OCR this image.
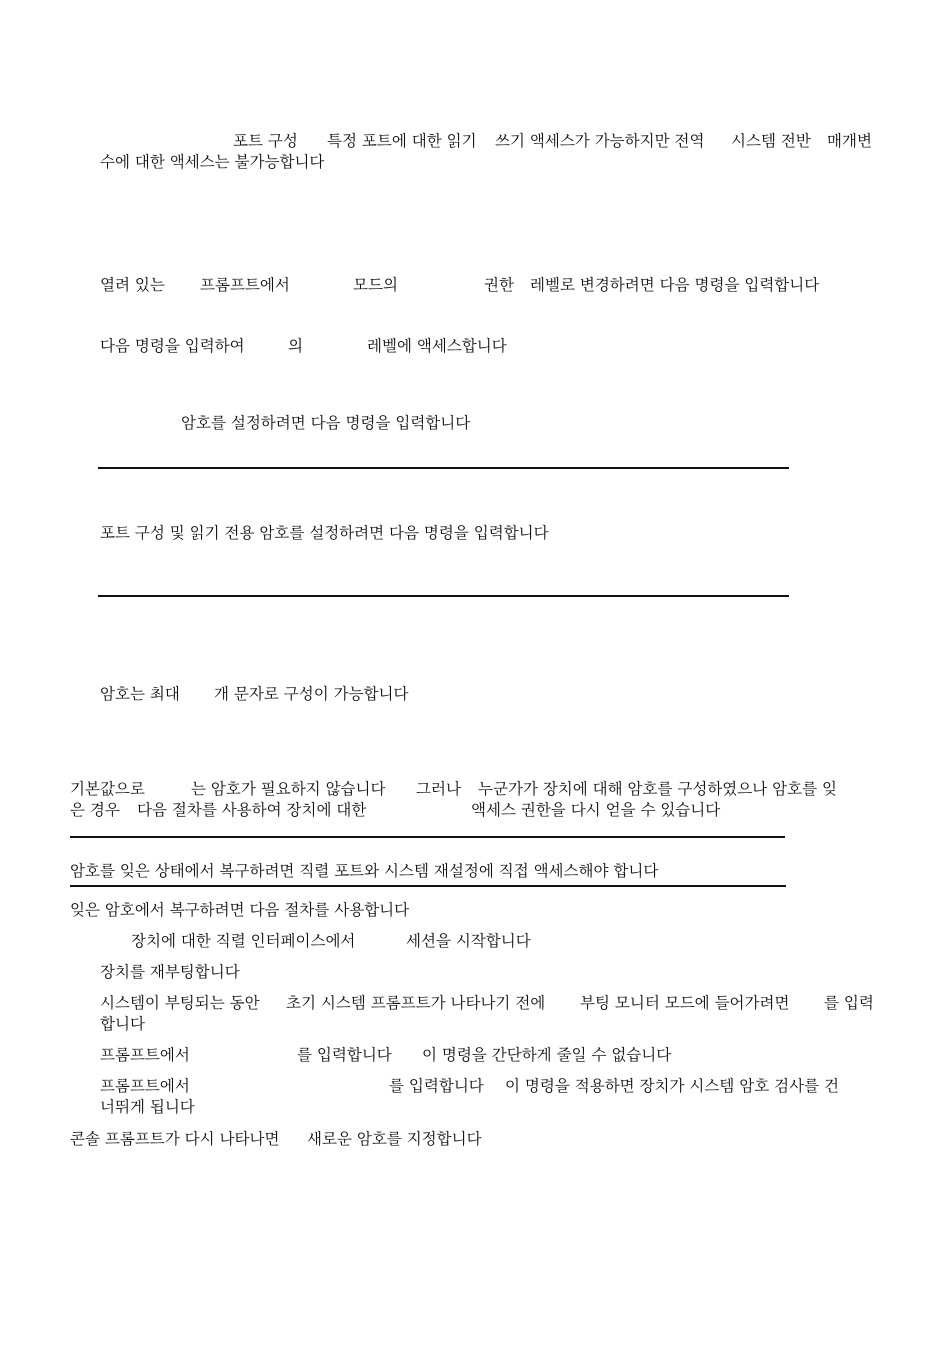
포트 구성 특정 포트에 대한 읽기 쓰기 액세스가 가능하지만 전역 시스템 전반 매개변
수에 대한 액세스는 불가능합니다
열려 있는 프롬프트에서	모드의	권한 레벨로 변경하려면 다음 명령을 입력합니다
다음 명령을 입력하여	의	레벨에 액세스합니다
암호를 설정하려면 다음 명령을 입력합니다
포트 구성 및 읽기 전용 암호를 설정하려면 다음 명령을 입력합니다
암호는 최대 개 문자로 구성이 가능합니다
기본값으로	는 암호가 필요하지 않습니다 그러나 누군가가 장치에 대해 암호를 구성하였으나 암호를 잊
은 경우 다음 절차를 사용하여 장치에 대한	액세스 권한을 다시 얻을 수 있습니다
암호를 잊은 상태에서 복구하려면 직렬 포트와 시스템 재설정에 직접 액세스해야 합니다
잊은 암호에서 복구하려면 다음 절차를 사용합니다
장치에 대한 직렬 인터페이스에서	세션을 시작합니다
장치를 재부팅합니다
시스템이 부팅되는 동안 초기 시스템 프롬프트가 나타나기 전에 부팅 모니터 모드에 들어가려면 를 입력
합니다
프롬프트에서	를 입력합니다 이 명령을 간단하게 줄일 수 없습니다
프롬프트에서	를 입력합니다 이 명령을 적용하면 장치가 시스템 암호 검사를 건
너뛰게 됩니다
콘솔 프롬프트가 다시 나타나면 새로운 암호를 지정합니다
